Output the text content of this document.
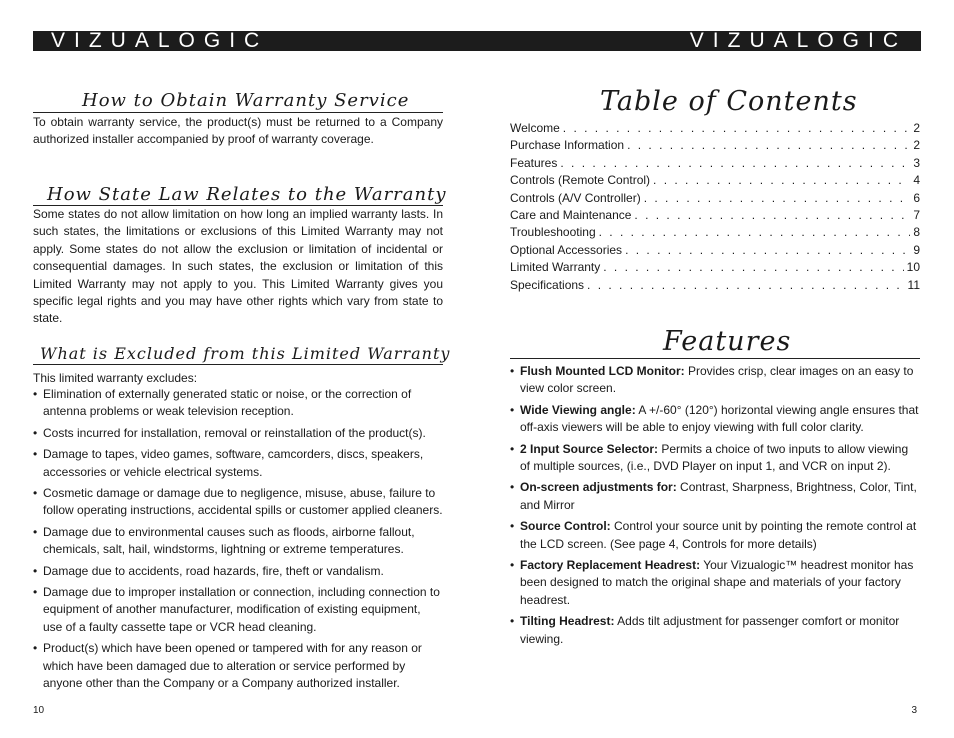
VIZUALOGIC
How to Obtain Warranty Service

To obtain warranty service, the product(s) must be returned to a Company authorized installer accompanied by proof of warranty coverage.

How State Law Relates to the Warranty

Some states do not allow limitation on how long an implied warranty lasts. In such states, the limitations or exclusions of this Limited Warranty may not apply. Some states do not allow the exclusion or limitation of incidental or consequential damages. In such states, the exclusion or limitation of this Limited Warranty may not apply to you. This Limited Warranty gives you specific legal rights and you may have other rights which vary from state to state.

What is Excluded from this Limited Warranty

This limited warranty excludes:

• Elimination of externally generated static or noise, or the correction of antenna problems or weak television reception.
• Costs incurred for installation, removal or reinstallation of the product(s).
• Damage to tapes, video games, software, camcorders, discs, speakers, accessories or vehicle electrical systems.
• Cosmetic damage or damage due to negligence, misuse, abuse, failure to follow operating instructions, accidental spills or customer applied cleaners.
• Damage due to environmental causes such as floods, airborne fallout, chemicals, salt, hail, windstorms, lightning or extreme temperatures.
• Damage due to accidents, road hazards, fire, theft or vandalism.
• Damage due to improper installation or connection, including connection to equipment of another manufacturer, modification of existing equipment, use of a faulty cassette tape or VCR head cleaning.
• Product(s) which have been opened or tampered with for any reason or which have been damaged due to alteration or service performed by anyone other than the Company or a Company authorized installer.
10
VIZUALOGIC
Table of Contents
Welcome . . .	2
Purchase Information . . .	2
Features . . .	3
Controls (Remote Control) . . .	4
Controls (A/V Controller) . . .	6
Care and Maintenance . . .	7
Troubleshooting . . .	8
Optional Accessories . . .	9
Limited Warranty . . .	10
Specifications . . .	11
Features
• Flush Mounted LCD Monitor: Provides crisp, clear images on an easy to view color screen.
• Wide Viewing angle: A +/-60° (120°) horizontal viewing angle ensures that off-axis viewers will be able to enjoy viewing with full color clarity.
• 2 Input Source Selector: Permits a choice of two inputs to allow viewing of multiple sources, (i.e., DVD Player on input 1, and VCR on input 2).
• On-screen adjustments for: Contrast, Sharpness, Brightness, Color, Tint, and Mirror
• Source Control: Control your source unit by pointing the remote control at the LCD screen. (See page 4, Controls for more details)
• Factory Replacement Headrest: Your Vizualogic™ headrest monitor has been designed to match the original shape and materials of your factory headrest.
• Tilting Headrest: Adds tilt adjustment for passenger comfort or monitor viewing.
3
